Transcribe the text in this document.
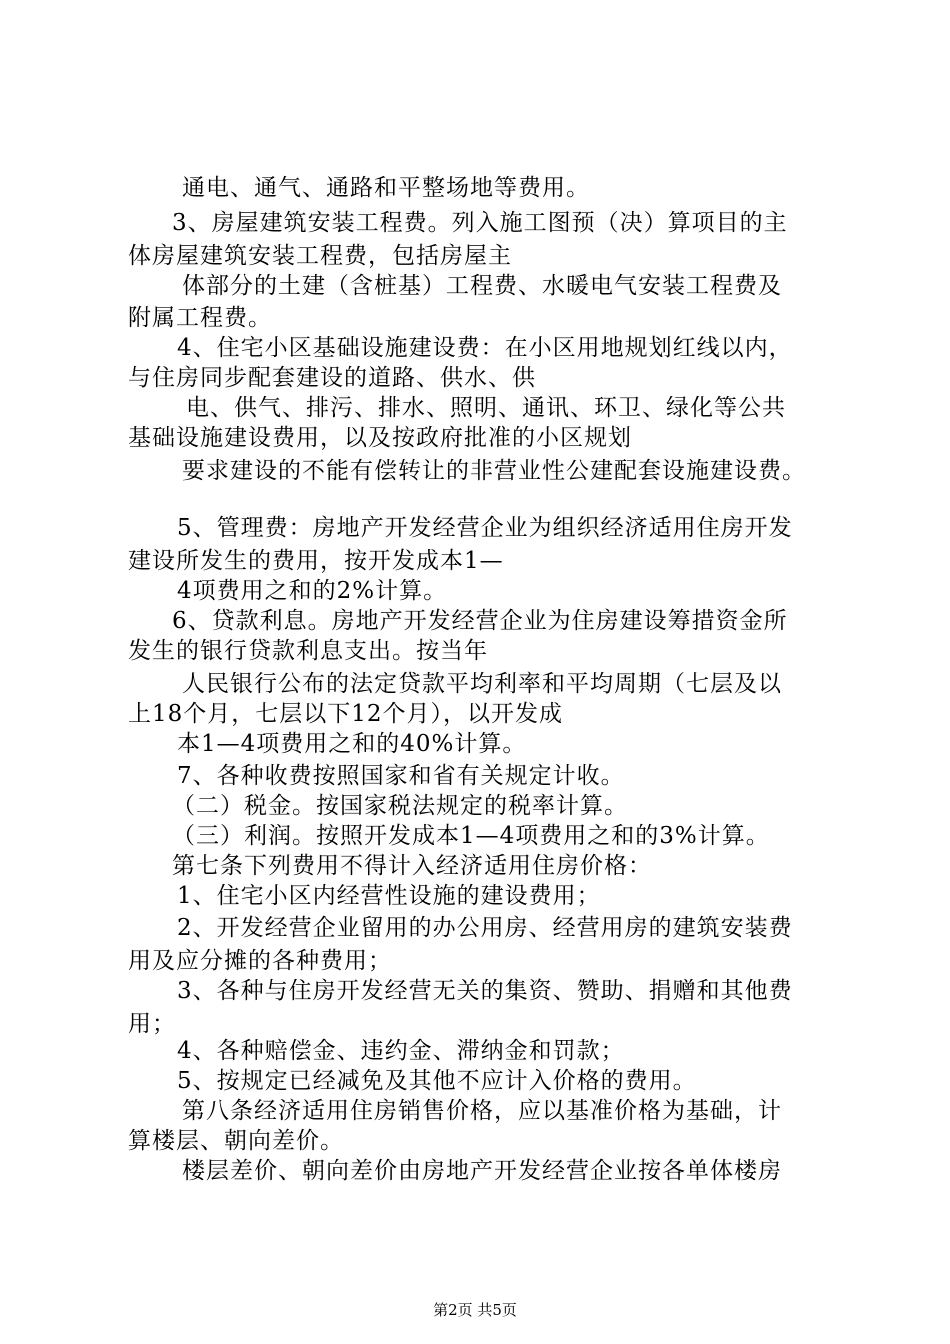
通电、通气、通路和平整场地等费用。
3、房屋建筑安装工程费。列入施工图预（决）算项目的主
体房屋建筑安装工程费，包括房屋主
体部分的土建（含桩基）工程费、水暖电气安装工程费及
附属工程费。
4、住宅小区基础设施建设费：在小区用地规划红线以内，
与住房同步配套建设的道路、供水、供
电、供气、排污、排水、照明、通讯、环卫、绿化等公共
基础设施建设费用，以及按政府批准的小区规划
要求建设的不能有偿转让的非营业性公建配套设施建设费。
5、管理费：房地产开发经营企业为组织经济适用住房开发
建设所发生的费用，按开发成本1—
4项费用之和的2%计算。
6、贷款利息。房地产开发经营企业为住房建设筹措资金所
发生的银行贷款利息支出。按当年
人民银行公布的法定贷款平均利率和平均周期（七层及以
上18个月，七层以下12个月），以开发成
本1—4项费用之和的40%计算。
7、各种收费按照国家和省有关规定计收。
（二）税金。按国家税法规定的税率计算。
（三）利润。按照开发成本1—4项费用之和的3%计算。
第七条下列费用不得计入经济适用住房价格：
1、住宅小区内经营性设施的建设费用；
2、开发经营企业留用的办公用房、经营用房的建筑安装费
用及应分摊的各种费用；
3、各种与住房开发经营无关的集资、赞助、捐赠和其他费
用；
4、各种赔偿金、违约金、滞纳金和罚款；
5、按规定已经减免及其他不应计入价格的费用。
第八条经济适用住房销售价格，应以基准价格为基础，计
算楼层、朝向差价。
楼层差价、朝向差价由房地产开发经营企业按各单体楼房
第2页 共5页
